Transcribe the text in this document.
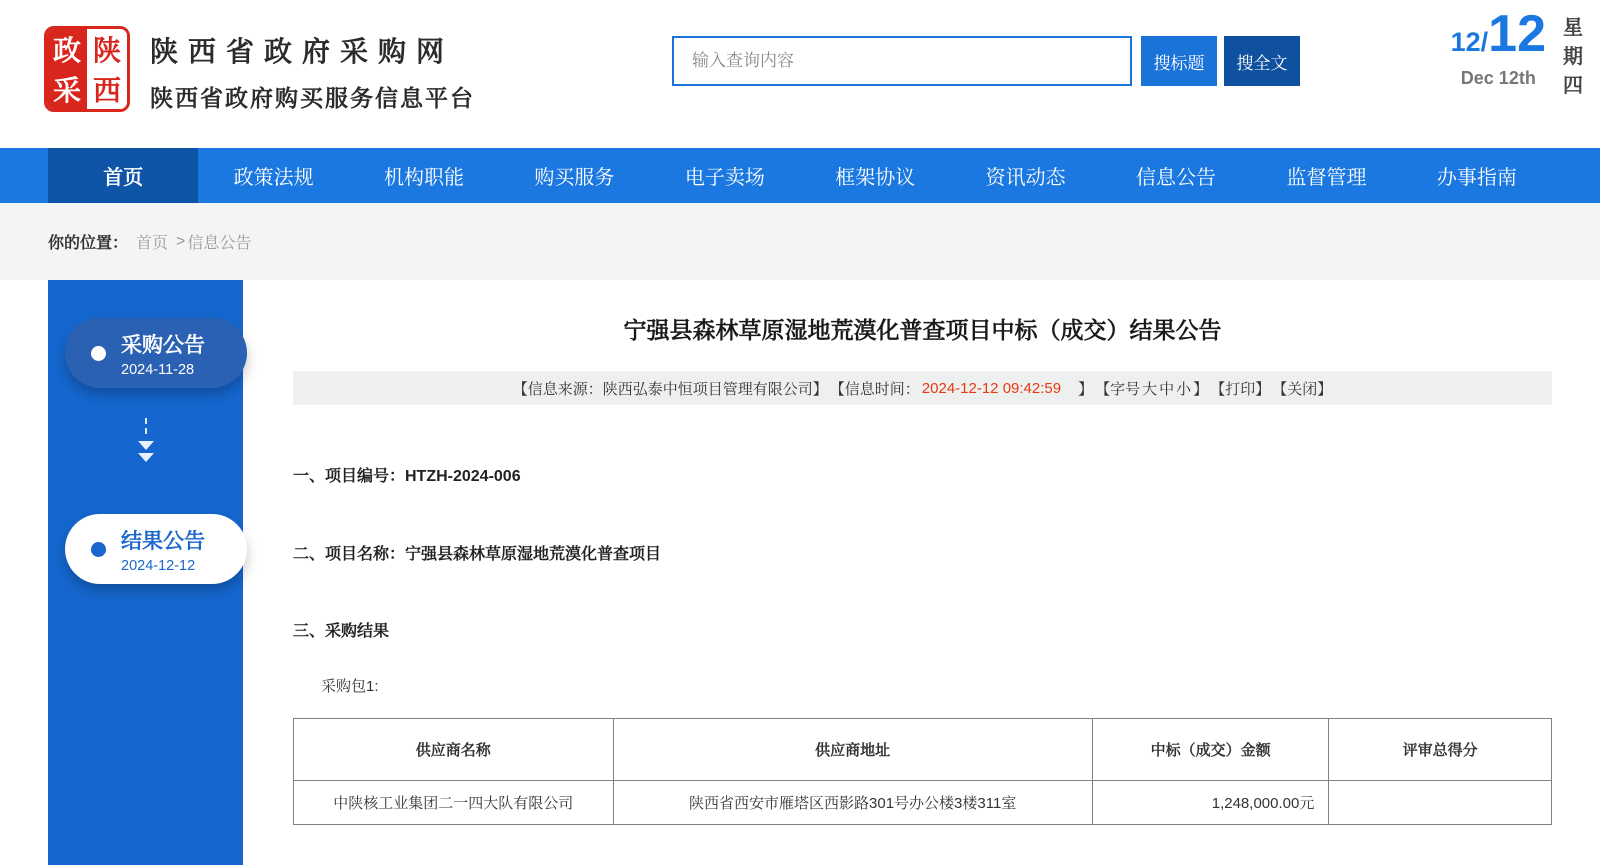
政 陕
采 西
陕西省政府采购网
陕西省政府购买服务信息平台
输入查询内容
搜标题	搜全文
12/ 12
Dec 12th
星期四
首页	政策法规	机构职能	购买服务	电子卖场	框架协议	资讯动态	信息公告	监督管理	办事指南
你的位置： 首页 > 信息公告
采购公告
2024-11-28
结果公告
2024-12-12
宁强县森林草原湿地荒漠化普查项目中标（成交）结果公告
【信息来源：陕西弘泰中恒项目管理有限公司】 【信息时间： 2024-12-12 09:42:59 　】 【字号 大 中 小 】 【打印】 【关闭】
一、项目编号：HTZH-2024-006
二、项目名称：宁强县森林草原湿地荒漠化普查项目
三、采购结果
采购包1:
供应商名称	供应商地址	中标（成交）金额	评审总得分
中陕核工业集团二一四大队有限公司	陕西省西安市雁塔区西影路301号办公楼3楼311室	1,248,000.00元	
